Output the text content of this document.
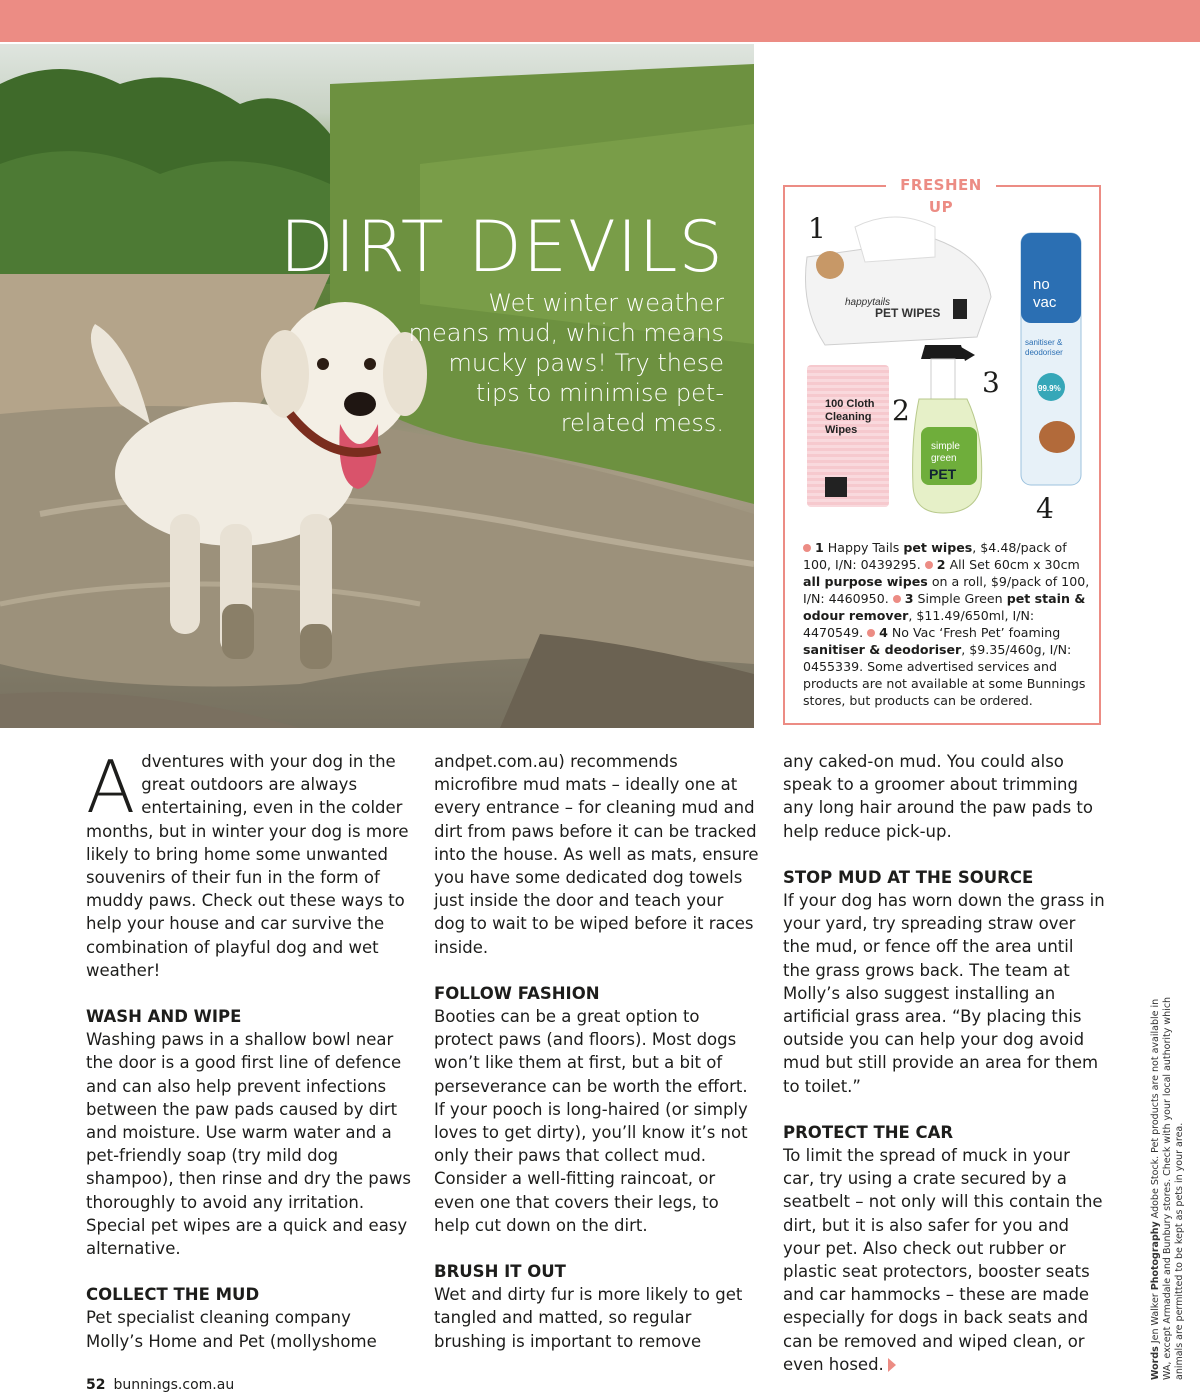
DIRT DEVILS

Wet winter weather means mud, which means mucky paws! Try these tips to minimise pet-related mess.

happytails
PET WIPES
100 Cloth
Cleaning
Wipes
simple
green
PET
no
vac
sanitiser &
deodoriser
99.9%
FRESHEN UP
1
2
3
4

1 Happy Tails pet wipes, $4.48/pack of 100, I/N: 0439295. 2 All Set 60cm x 30cm all purpose wipes on a roll, $9/pack of 100, I/N: 4460950. 3 Simple Green pet stain & odour remover, $11.49/650ml, I/N: 4470549. 4 No Vac ‘Fresh Pet’ foaming sanitiser & deodoriser, $9.35/460g, I/N: 0455339. Some advertised services and products are not available at some Bunnings stores, but products can be ordered.

Adventures with your dog in the great outdoors are always entertaining, even in the colder months, but in winter your dog is more likely to bring home some unwanted souvenirs of their fun in the form of muddy paws. Check out these ways to help your house and car survive the combination of playful dog and wet weather!

WASH AND WIPE

Washing paws in a shallow bowl near the door is a good first line of defence and can also help prevent infections between the paw pads caused by dirt and moisture. Use warm water and a pet-friendly soap (try mild dog shampoo), then rinse and dry the paws thoroughly to avoid any irritation. Special pet wipes are a quick and easy alternative.

COLLECT THE MUD

Pet specialist cleaning company Molly’s Home and Pet (mollyshome

andpet.com.au) recommends microfibre mud mats – ideally one at every entrance – for cleaning mud and dirt from paws before it can be tracked into the house. As well as mats, ensure you have some dedicated dog towels just inside the door and teach your dog to wait to be wiped before it races inside.

FOLLOW FASHION

Booties can be a great option to protect paws (and floors). Most dogs won’t like them at first, but a bit of perseverance can be worth the effort. If your pooch is long-haired (or simply loves to get dirty), you’ll know it’s not only their paws that collect mud. Consider a well-fitting raincoat, or even one that covers their legs, to help cut down on the dirt.

BRUSH IT OUT

Wet and dirty fur is more likely to get tangled and matted, so regular brushing is important to remove

any caked-on mud. You could also speak to a groomer about trimming any long hair around the paw pads to help reduce pick-up.

STOP MUD AT THE SOURCE

If your dog has worn down the grass in your yard, try spreading straw over the mud, or fence off the area until the grass grows back. The team at Molly’s also suggest installing an artificial grass area. “By placing this outside you can help your dog avoid mud but still provide an area for them to toilet.”

PROTECT THE CAR

To limit the spread of muck in your car, try using a crate secured by a seatbelt – not only will this contain the dirt, but it is also safer for you and your pet. Also check out rubber or plastic seat protectors, booster seats and car hammocks – these are made especially for dogs in back seats and can be removed and wiped clean, or even hosed.	Words Jen Walker Photography Adobe Stock. Pet products are not available in WA, except Armadale and Bunbury stores. Check with your local authority which animals are permitted to be kept as pets in your area.
52 bunnings.com.au
